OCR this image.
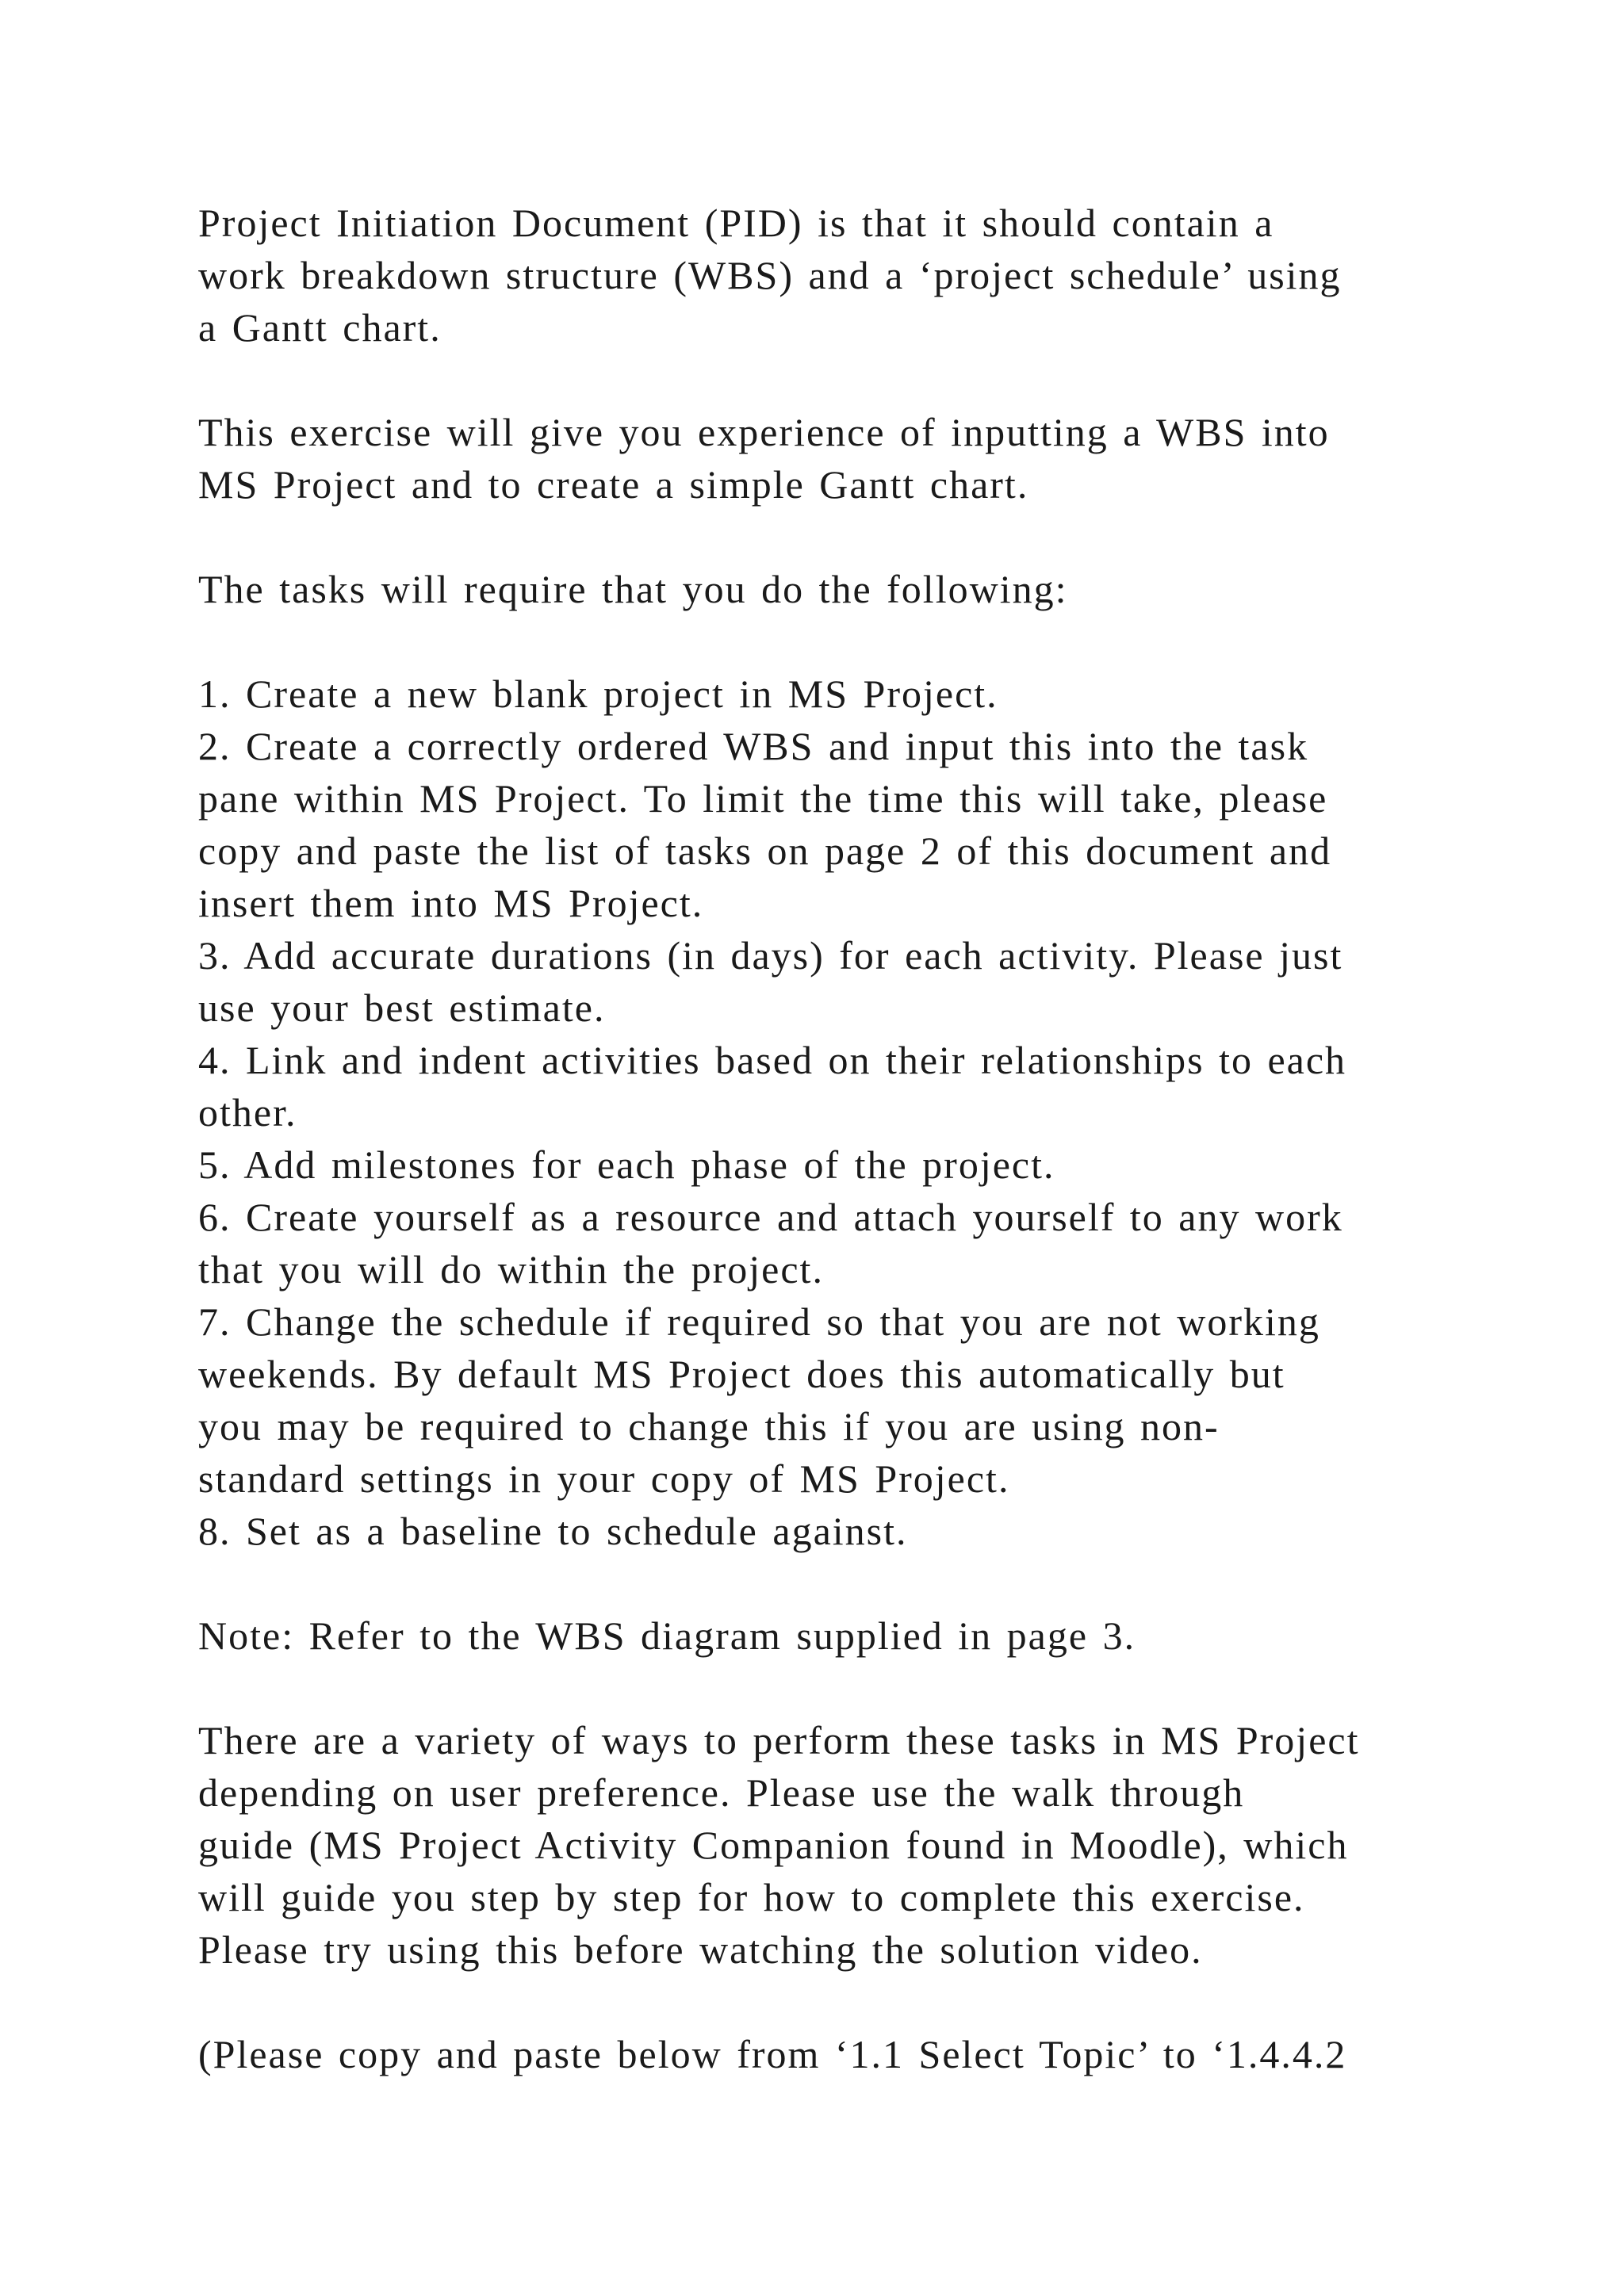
Project Initiation Document (PID) is that it should contain a
work breakdown structure (WBS) and a ‘project schedule’ using
a Gantt chart.
This exercise will give you experience of inputting a WBS into
MS Project and to create a simple Gantt chart.
The tasks will require that you do the following:
1. Create a new blank project in MS Project.
2. Create a correctly ordered WBS and input this into the task
pane within MS Project. To limit the time this will take, please
copy and paste the list of tasks on page 2 of this document and
insert them into MS Project.
3. Add accurate durations (in days) for each activity. Please just
use your best estimate.
4. Link and indent activities based on their relationships to each
other.
5. Add milestones for each phase of the project.
6. Create yourself as a resource and attach yourself to any work
that you will do within the project.
7. Change the schedule if required so that you are not working
weekends. By default MS Project does this automatically but
you may be required to change this if you are using non-
standard settings in your copy of MS Project.
8. Set as a baseline to schedule against.
Note: Refer to the WBS diagram supplied in page 3.
There are a variety of ways to perform these tasks in MS Project
depending on user preference. Please use the walk through
guide (MS Project Activity Companion found in Moodle), which
will guide you step by step for how to complete this exercise.
Please try using this before watching the solution video.
(Please copy and paste below from ‘1.1 Select Topic’ to ‘1.4.4.2
